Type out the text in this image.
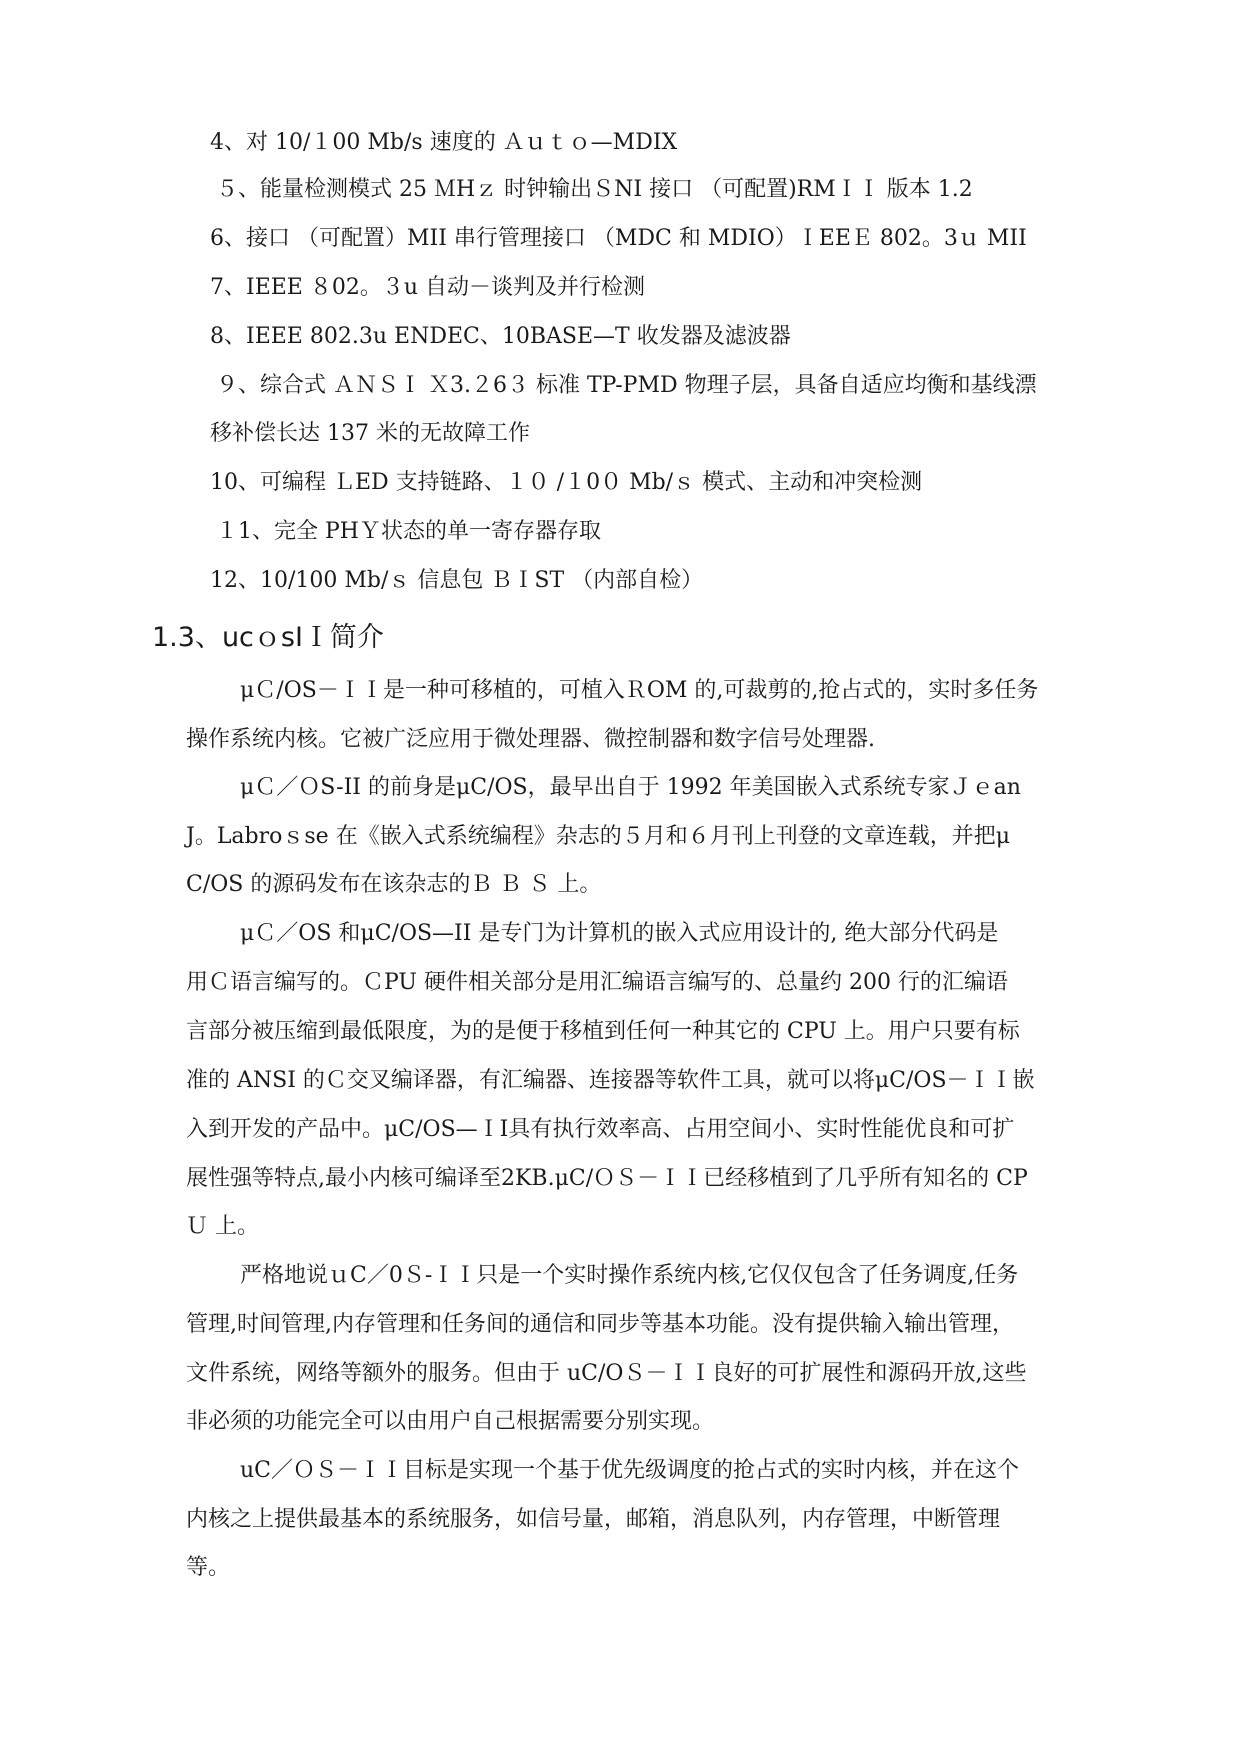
4、对 10/１00 Mb/s 速度的 Ａｕｔｏ—MDIX
５、能量检测模式 25 ＭHｚ 时钟输出ＳNI 接口 （可配置)RMＩＩ 版本 1.2
6、接口 （可配置）MII 串行管理接口 （MDC 和 MDIO）ＩEEＥ 802。3ｕ MII
7、IEEE ８02。３u 自动－谈判及并行检测
8、IEEE 802.3u ENDEC、10BASE—T 收发器及滤波器
９、综合式 ＡＮＳＩ Ｘ3.２6３ 标准 TP-PMD 物理子层，具备自适应均衡和基线漂
移补偿长达 137 米的无故障工作
10、可编程 ＬED 支持链路、１０ /１0０ Mb/ｓ 模式、主动和冲突检测
１1、完全 PHＹ状态的单一寄存器存取
12、10/100 Mb/ｓ 信息包 ＢＩST （内部自检）
1.3、ucｏsIＩ简介
μＣ/OS－ＩＩ是一种可移植的，可植入ＲOM 的,可裁剪的,抢占式的，实时多任务
操作系统内核。它被广泛应用于微处理器、微控制器和数字信号处理器.
μＣ／ＯS-II 的前身是μC/OS，最早出自于 1992 年美国嵌入式系统专家Ｊｅan
J。Labroｓse 在《嵌入式系统编程》杂志的５月和６月刊上刊登的文章连载，并把μ
C/OS 的源码发布在该杂志的Ｂ Ｂ Ｓ 上。
μＣ／OS 和μC/OS—II 是专门为计算机的嵌入式应用设计的, 绝大部分代码是
用Ｃ语言编写的。ＣPU 硬件相关部分是用汇编语言编写的、总量约 200 行的汇编语
言部分被压缩到最低限度，为的是便于移植到任何一种其它的 CPU 上。用户只要有标
准的 ANSI 的Ｃ交叉编译器，有汇编器、连接器等软件工具，就可以将μC/OS－ＩＩ嵌
入到开发的产品中。μC/OS—ＩI具有执行效率高、占用空间小、实时性能优良和可扩
展性强等特点,最小内核可编译至2KB.μC/ＯＳ－ＩＩ已经移植到了几乎所有知名的 CP
Ｕ 上。
严格地说ｕC／0Ｓ-ＩＩ只是一个实时操作系统内核,它仅仅包含了任务调度,任务
管理,时间管理,内存管理和任务间的通信和同步等基本功能。没有提供输入输出管理，
文件系统，网络等额外的服务。但由于 uC/OＳ－ＩＩ良好的可扩展性和源码开放,这些
非必须的功能完全可以由用户自己根据需要分别实现。
uC／ＯＳ－ＩＩ目标是实现一个基于优先级调度的抢占式的实时内核，并在这个
内核之上提供最基本的系统服务，如信号量，邮箱，消息队列，内存管理，中断管理
等。
